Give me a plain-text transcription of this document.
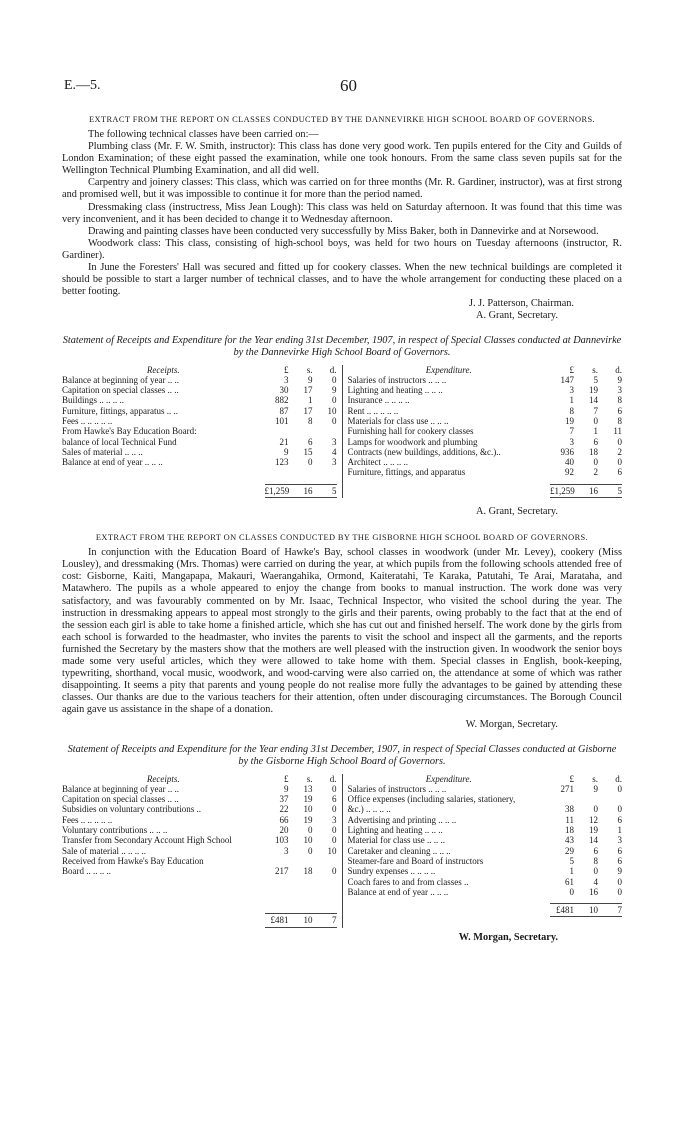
E.—5.	60
EXTRACT FROM THE REPORT ON CLASSES CONDUCTED BY THE DANNEVIRKE HIGH SCHOOL BOARD OF GOVERNORS.

The following technical classes have been carried on:—

Plumbing class (Mr. F. W. Smith, instructor): This class has done very good work. Ten pupils entered for the City and Guilds of London Examination; of these eight passed the examination, while one took honours. From the same class seven pupils sat for the Wellington Technical Plumbing Examination, and all did well.

Carpentry and joinery classes: This class, which was carried on for three months (Mr. R. Gardiner, instructor), was at first strong and promised well, but it was impossible to continue it for more than the period named.

Dressmaking class (instructress, Miss Jean Lough): This class was held on Saturday afternoon. It was found that this time was very inconvenient, and it has been decided to change it to Wednesday afternoon.

Drawing and painting classes have been conducted very successfully by Miss Baker, both in Dannevirke and at Norsewood.

Woodwork class: This class, consisting of high-school boys, was held for two hours on Tuesday afternoons (instructor, R. Gardiner).

In June the Foresters' Hall was secured and fitted up for cookery classes. When the new technical buildings are completed it should be possible to start a larger number of technical classes, and to have the whole arrangement for conducting these placed on a better footing.

J. J. Patterson, Chairman.
A. Grant, Secretary.
Statement of Receipts and Expenditure for the Year ending 31st December, 1907, in respect of Special Classes conducted at Dannevirke by the Dannevirke High School Board of Governors.
Receipts.	£	s.	d.
Balance at beginning of year .. ..	3	9	0
Capitation on special classes .. ..	30	17	9
Buildings .. .. .. ..	882	1	0
Furniture, fittings, apparatus .. ..	87	17	10
Fees .. .. .. .. ..	101	8	0
From Hawke's Bay Education Board:
balance of local Technical Fund	21	6	3
Sales of material .. .. ..	9	15	4
Balance at end of year .. .. ..	123	0	3

£1,259	16	5
Expenditure.	£	s.	d.
Salaries of instructors .. .. ..	147	5	9
Lighting and heating .. .. ..	3	19	3
Insurance .. .. .. ..	1	14	8
Rent .. .. .. .. ..	8	7	6
Materials for class use .. .. ..	19	0	8
Furnishing hall for cookery classes	7	1	11
Lamps for woodwork and plumbing	3	6	0
Contracts (new buildings, additions, &c.)..	936	18	2
Architect .. .. .. ..	40	0	0
Furniture, fittings, and apparatus	92	2	6
£1,259	16	5
A. Grant, Secretary.
EXTRACT FROM THE REPORT ON CLASSES CONDUCTED BY THE GISBORNE HIGH SCHOOL BOARD OF GOVERNORS.

In conjunction with the Education Board of Hawke's Bay, school classes in woodwork (under Mr. Levey), cookery (Miss Lousley), and dressmaking (Mrs. Thomas) were carried on during the year, at which pupils from the following schools attended free of cost: Gisborne, Kaiti, Mangapapa, Makauri, Waerangahika, Ormond, Kaiteratahi, Te Karaka, Patutahi, Te Arai, Marataha, and Matawhero. The pupils as a whole appeared to enjoy the change from books to manual instruction. The work done was very satisfactory, and was favourably commented on by Mr. Isaac, Technical Inspector, who visited the school during the year. The instruction in dressmaking appears to appeal most strongly to the girls and their parents, owing probably to the fact that at the end of the session each girl is able to take home a finished article, which she has cut out and finished herself. The work done by the girls from each school is forwarded to the headmaster, who invites the parents to visit the school and inspect all the garments, and the reports furnished the Secretary by the masters show that the mothers are well pleased with the instruction given. In woodwork the senior boys made some very useful articles, which they were allowed to take home with them. Special classes in English, book-keeping, typewriting, shorthand, vocal music, woodwork, and wood-carving were also carried on, the attendance at some of which was rather disappointing. It seems a pity that parents and young people do not realise more fully the advantages to be gained by attending these classes. Our thanks are due to the various teachers for their attention, often under discouraging circumstances. The Borough Council again gave us assistance in the shape of a donation.

W. Morgan, Secretary.
Statement of Receipts and Expenditure for the Year ending 31st December, 1907, in respect of Special Classes conducted at Gisborne by the Gisborne High School Board of Governors.
Receipts.	£	s.	d.
Balance at beginning of year .. ..	9	13	0
Capitation on special classes .. ..	37	19	6
Subsidies on voluntary contributions ..	22	10	0
Fees .. .. .. .. ..	66	19	3
Voluntary contributions .. .. ..	20	0	0
Transfer from Secondary Account High School	103	10	0
Sale of material .. .. .. ..	3	0	10
Received from Hawke's Bay Education
Board .. .. .. ..	217	18	0

£481	10	7
Expenditure.	£	s.	d.
Salaries of instructors .. .. ..	271	9	0
Office expenses (including salaries, stationery,
&c.) .. .. .. ..	38	0	0
Advertising and printing .. .. ..	11	12	6
Lighting and heating .. .. ..	18	19	1
Material for class use .. .. ..	43	14	3
Caretaker and cleaning .. .. ..	29	6	6
Steamer-fare and Board of instructors	5	8	6
Sundry expenses .. .. .. ..	1	0	9
Coach fares to and from classes ..	61	4	0
Balance at end of year .. .. ..	0	16	0
£481	10	7
W. Morgan, Secretary.
